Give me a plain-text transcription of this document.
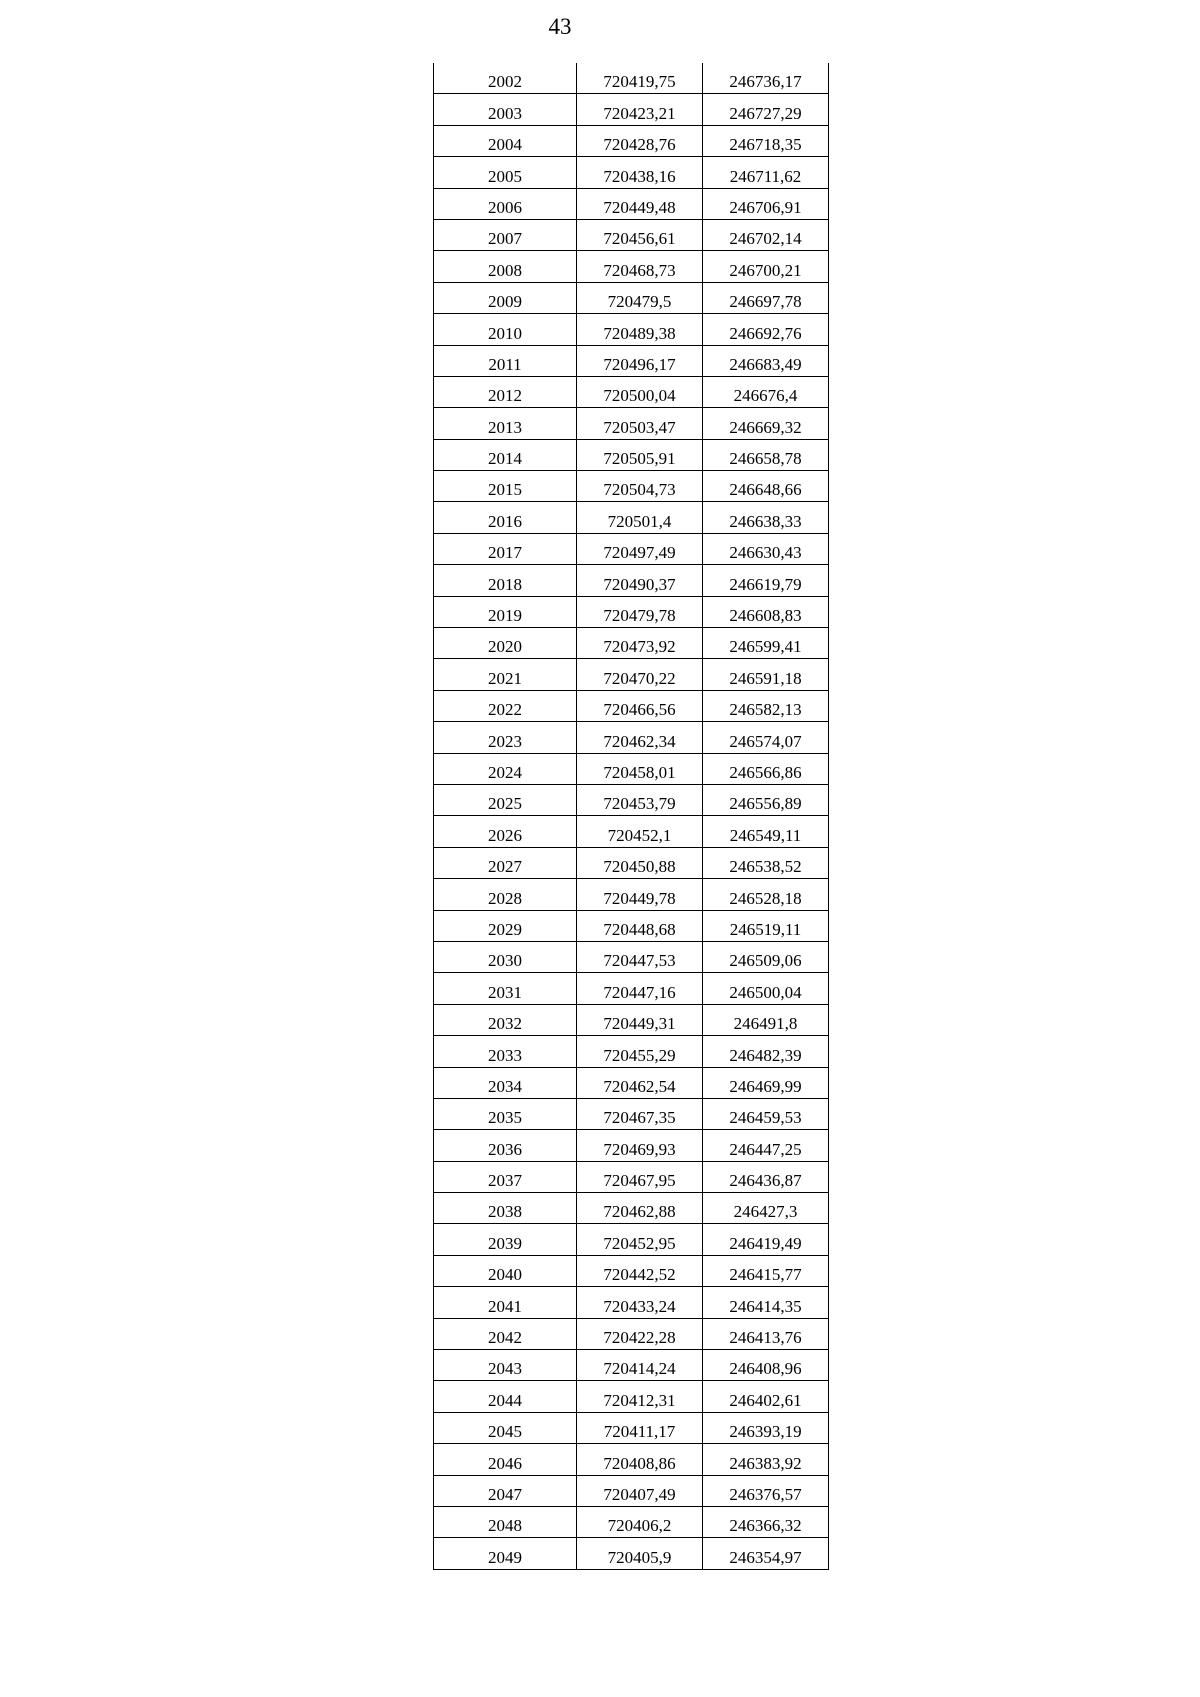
43
2002	720419,75	246736,17
2003	720423,21	246727,29
2004	720428,76	246718,35
2005	720438,16	246711,62
2006	720449,48	246706,91
2007	720456,61	246702,14
2008	720468,73	246700,21
2009	720479,5	246697,78
2010	720489,38	246692,76
2011	720496,17	246683,49
2012	720500,04	246676,4
2013	720503,47	246669,32
2014	720505,91	246658,78
2015	720504,73	246648,66
2016	720501,4	246638,33
2017	720497,49	246630,43
2018	720490,37	246619,79
2019	720479,78	246608,83
2020	720473,92	246599,41
2021	720470,22	246591,18
2022	720466,56	246582,13
2023	720462,34	246574,07
2024	720458,01	246566,86
2025	720453,79	246556,89
2026	720452,1	246549,11
2027	720450,88	246538,52
2028	720449,78	246528,18
2029	720448,68	246519,11
2030	720447,53	246509,06
2031	720447,16	246500,04
2032	720449,31	246491,8
2033	720455,29	246482,39
2034	720462,54	246469,99
2035	720467,35	246459,53
2036	720469,93	246447,25
2037	720467,95	246436,87
2038	720462,88	246427,3
2039	720452,95	246419,49
2040	720442,52	246415,77
2041	720433,24	246414,35
2042	720422,28	246413,76
2043	720414,24	246408,96
2044	720412,31	246402,61
2045	720411,17	246393,19
2046	720408,86	246383,92
2047	720407,49	246376,57
2048	720406,2	246366,32
2049	720405,9	246354,97
